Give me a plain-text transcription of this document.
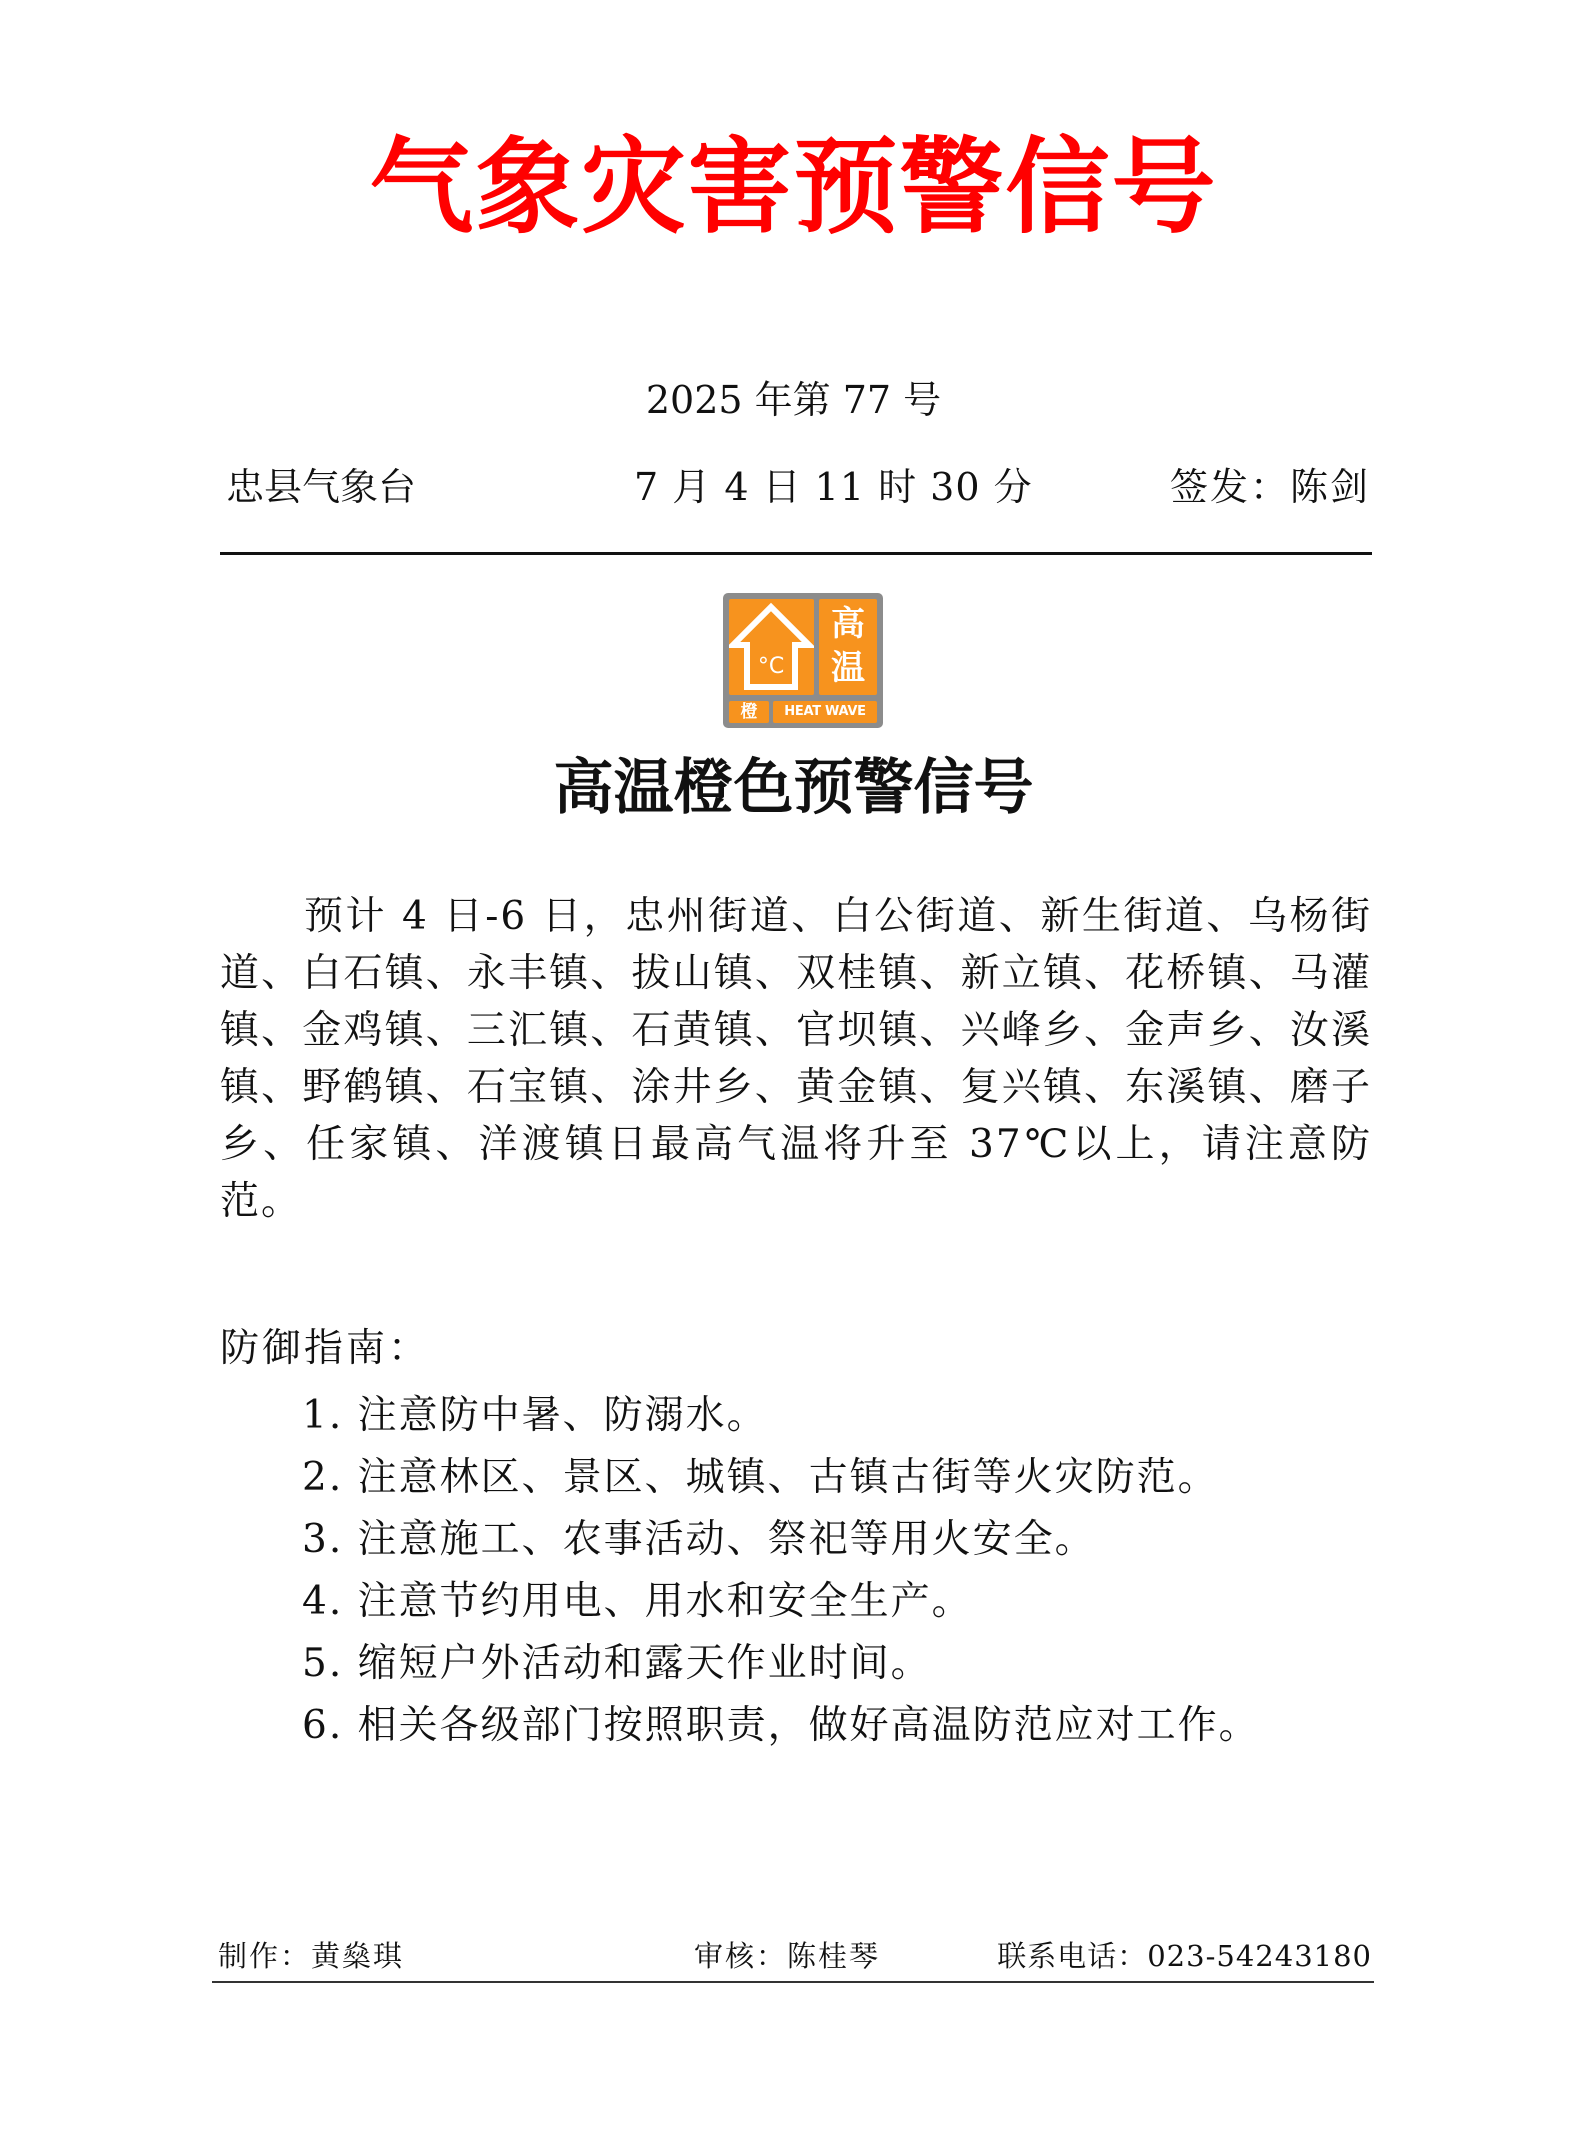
气象灾害预警信号
2025 年第 77 号
忠县气象台	7 月 4 日 11 时 30 分	签发：陈剑
°C
高
温
橙	HEAT WAVE
高温橙色预警信号

预计 4 日-6 日，忠州街道、白公街道、新生街道、乌杨街道、白石镇、永丰镇、拔山镇、双桂镇、新立镇、花桥镇、马灌镇、金鸡镇、三汇镇、石黄镇、官坝镇、兴峰乡、金声乡、汝溪镇、野鹤镇、石宝镇、涂井乡、黄金镇、复兴镇、东溪镇、磨子乡、任家镇、洋渡镇日最高气温将升至 37℃以上，请注意防范。

防御指南：
1. 注意防中暑、防溺水。
2. 注意林区、景区、城镇、古镇古街等火灾防范。
3. 注意施工、农事活动、祭祀等用火安全。
4. 注意节约用电、用水和安全生产。
5. 缩短户外活动和露天作业时间。
6. 相关各级部门按照职责，做好高温防范应对工作。
制作：黄燊琪	审核：陈桂琴	联系电话：023-54243180
